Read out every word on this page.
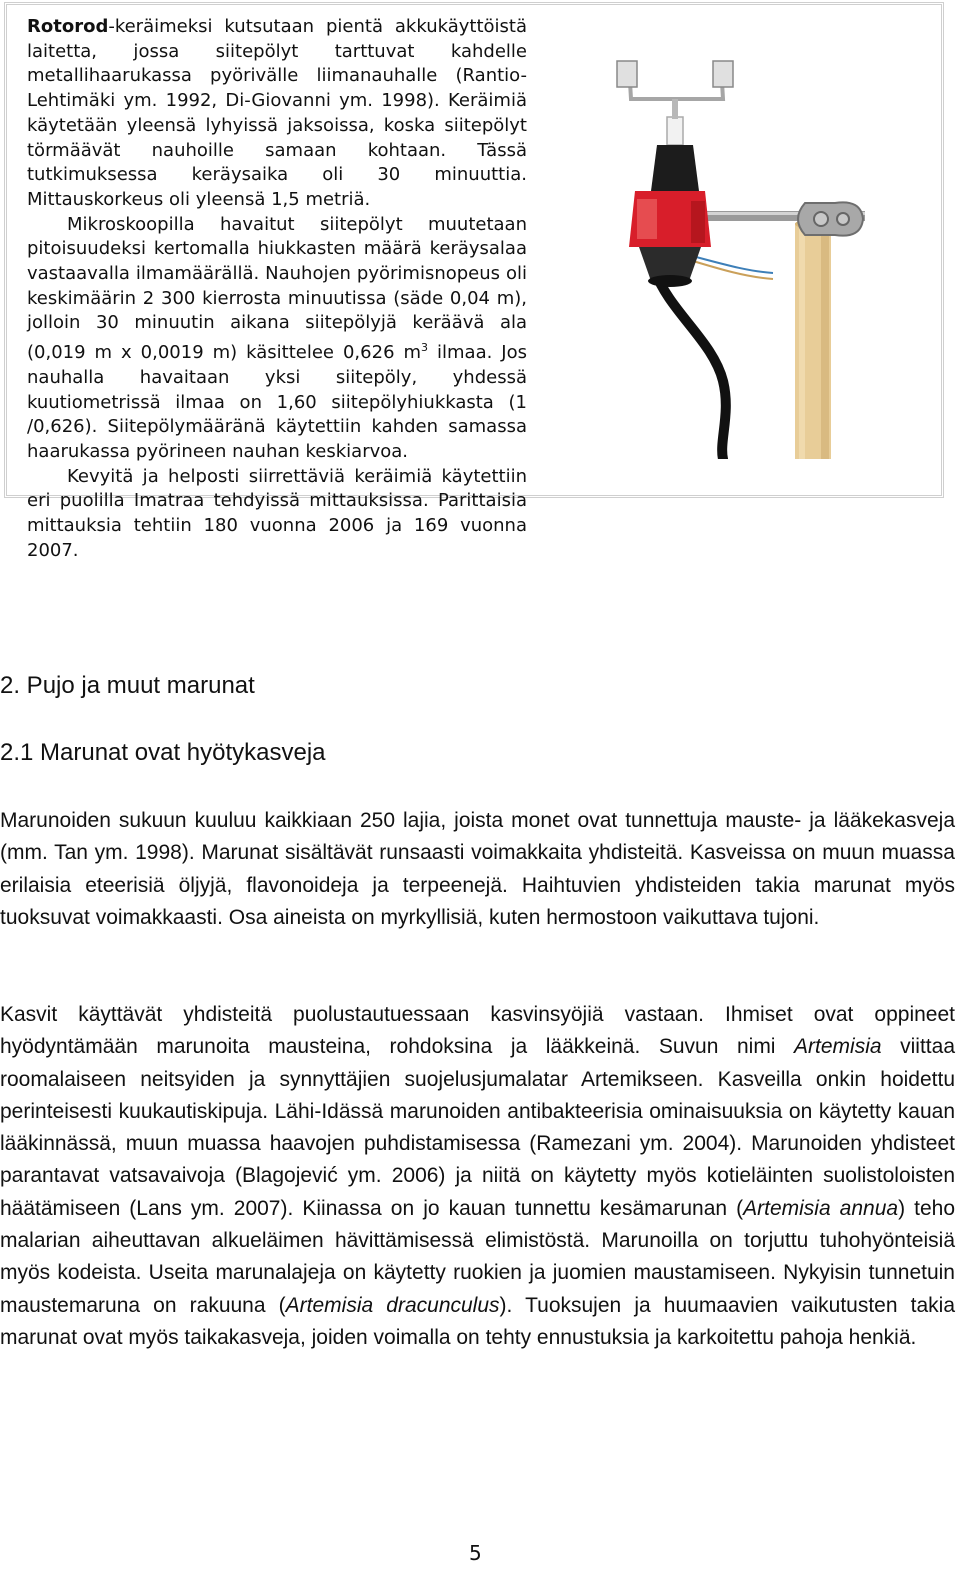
Rotorod-keräimeksi kutsutaan pientä akkukäyttöistä laitetta, jossa siitepölyt tarttuvat kahdelle metallihaarukassa pyörivälle liimanauhalle (Rantio-Lehtimäki ym. 1992, Di-Giovanni ym. 1998). Keräimiä käytetään yleensä lyhyissä jaksoissa, koska siitepölyt törmäävät nauhoille samaan kohtaan. Tässä tutkimuksessa keräysaika oli 30 minuuttia. Mittauskorkeus oli yleensä 1,5 metriä.

Mikroskoopilla havaitut siitepölyt muutetaan pitoisuudeksi kertomalla hiukkasten määrä keräysalaa vastaavalla ilmamäärällä. Nauhojen pyörimisnopeus oli keskimäärin 2 300 kierrosta minuutissa (säde 0,04 m), jolloin 30 minuutin aikana siitepölyjä keräävä ala (0,019 m x 0,0019 m) käsittelee 0,626 $m^3$ ilmaa. Jos nauhalla havaitaan yksi siitepöly, yhdessä kuutiometrissä ilmaa on 1,60 siitepölyhiukkasta (1 /0,626). Siitepölymääränä käytettiin kahden samassa haarukassa pyörineen nauhan keskiarvoa.

Kevyitä ja helposti siirrettäviä keräimiä käytettiin eri puolilla Imatraa tehdyissä mittauksissa. Parittaisia mittauksia tehtiin 180 vuonna 2006 ja 169 vuonna 2007.

2. Pujo ja muut marunat
2.1 Marunat ovat hyötykasveja

Marunoiden sukuun kuuluu kaikkiaan 250 lajia, joista monet ovat tunnettuja mauste- ja lääkekasveja (mm. Tan ym. 1998). Marunat sisältävät runsaasti voimakkaita yhdisteitä. Kasveissa on muun muassa erilaisia eteerisiä öljyjä, flavonoideja ja terpeenejä. Haihtuvien yhdisteiden takia marunat myös tuoksuvat voimakkaasti. Osa aineista on myrkyllisiä, kuten hermostoon vaikuttava tujoni.

Kasvit käyttävät yhdisteitä puolustautuessaan kasvinsyöjiä vastaan. Ihmiset ovat oppineet hyödyntämään marunoita mausteina, rohdoksina ja lääkkeinä. Suvun nimi Artemisia viittaa roomalaiseen neitsyiden ja synnyttäjien suojelusjumalatar Artemikseen. Kasveilla onkin hoidettu perinteisesti kuukautiskipuja. Lähi-Idässä marunoiden antibakteerisia ominaisuuksia on käytetty kauan lääkinnässä, muun muassa haavojen puhdistamisessa (Ramezani ym. 2004). Marunoiden yhdisteet parantavat vatsavaivoja (Blagojević ym. 2006) ja niitä on käytetty myös kotieläinten suolistoloisten häätämiseen (Lans ym. 2007). Kiinassa on jo kauan tunnettu kesämarunan (Artemisia annua) teho malarian aiheuttavan alkueläimen hävittämisessä elimistöstä. Marunoilla on torjuttu tuhohyönteisiä myös kodeista. Useita marunalajeja on käytetty ruokien ja juomien maustamiseen. Nykyisin tunnetuin maustemaruna on rakuuna (Artemisia dracunculus). Tuoksujen ja huumaavien vaikutusten takia marunat ovat myös taikakasveja, joiden voimalla on tehty ennustuksia ja karkoitettu pahoja henkiä.

5
